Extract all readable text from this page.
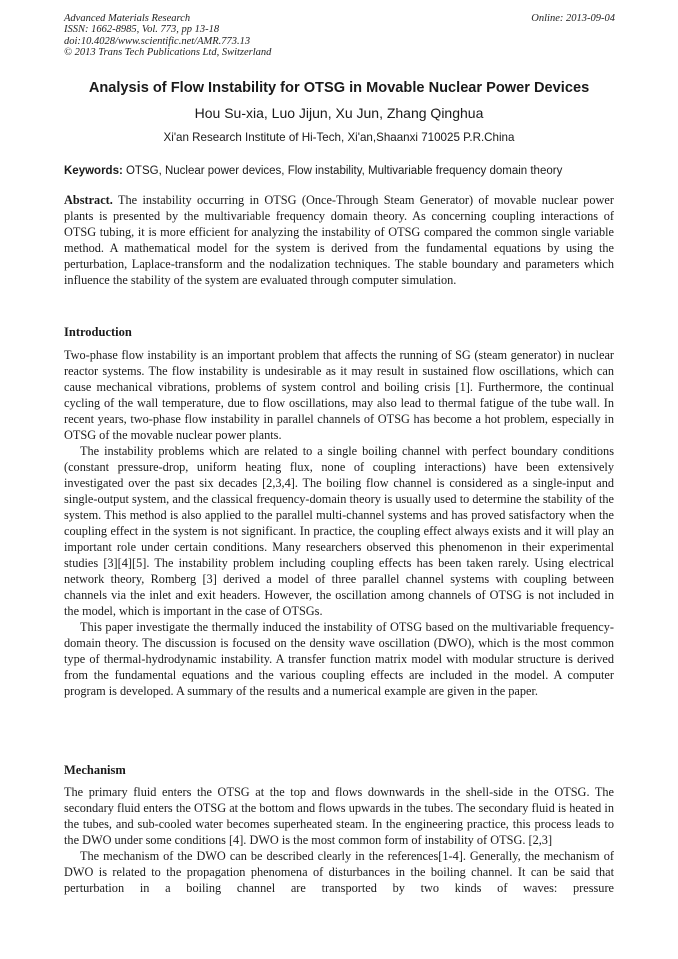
Advanced Materials Research
ISSN: 1662-8985, Vol. 773, pp 13-18
doi:10.4028/www.scientific.net/AMR.773.13
© 2013 Trans Tech Publications Ltd, Switzerland
Online: 2013-09-04
Analysis of Flow Instability for OTSG in Movable Nuclear Power Devices
Hou Su-xia, Luo Jijun, Xu Jun, Zhang Qinghua
Xi'an Research Institute of Hi-Tech, Xi'an,Shaanxi 710025 P.R.China
Keywords: OTSG, Nuclear power devices, Flow instability, Multivariable frequency domain theory

Abstract. The instability occurring in OTSG (Once-Through Steam Generator) of movable nuclear power plants is presented by the multivariable frequency domain theory. As concerning coupling interactions of OTSG tubing, it is more efficient for analyzing the instability of OTSG compared the common single variable method. A mathematical model for the system is derived from the fundamental equations by using the perturbation, Laplace-transform and the nodalization techniques. The stable boundary and parameters which influence the stability of the system are evaluated through computer simulation.

Introduction

Two-phase flow instability is an important problem that affects the running of SG (steam generator) in nuclear reactor systems. The flow instability is undesirable as it may result in sustained flow oscillations, which can cause mechanical vibrations, problems of system control and boiling crisis [1]. Furthermore, the continual cycling of the wall temperature, due to flow oscillations, may also lead to thermal fatigue of the tube wall. In recent years, two-phase flow instability in parallel channels of OTSG has become a hot problem, especially in OTSG of the movable nuclear power plants.

The instability problems which are related to a single boiling channel with perfect boundary conditions (constant pressure-drop, uniform heating flux, none of coupling interactions) have been extensively investigated over the past six decades [2,3,4]. The boiling flow channel is considered as a single-input and single-output system, and the classical frequency-domain theory is usually used to determine the stability of the system. This method is also applied to the parallel multi-channel systems and has proved satisfactory when the coupling effect in the system is not significant. In practice, the coupling effect always exists and it will play an important role under certain conditions. Many researchers observed this phenomenon in their experimental studies [3][4][5]. The instability problem including coupling effects has been taken rarely. Using electrical network theory, Romberg [3] derived a model of three parallel channel systems with coupling between channels via the inlet and exit headers. However, the oscillation among channels of OTSG is not included in the model, which is important in the case of OTSGs.

This paper investigate the thermally induced the instability of OTSG based on the multivariable frequency-domain theory. The discussion is focused on the density wave oscillation (DWO), which is the most common type of thermal-hydrodynamic instability. A transfer function matrix model with modular structure is derived from the fundamental equations and the various coupling effects are included in the model. A computer program is developed. A summary of the results and a numerical example are given in the paper.

Mechanism

The primary fluid enters the OTSG at the top and flows downwards in the shell-side in the OTSG. The secondary fluid enters the OTSG at the bottom and flows upwards in the tubes. The secondary fluid is heated in the tubes, and sub-cooled water becomes superheated steam. In the engineering practice, this process leads to the DWO under some conditions [4]. DWO is the most common form of instability of OTSG. [2,3]

The mechanism of the DWO can be described clearly in the references[1-4]. Generally, the mechanism of DWO is related to the propagation phenomena of disturbances in the boiling channel. It can be said that perturbation in a boiling channel are transported by two kinds of waves: pressure
